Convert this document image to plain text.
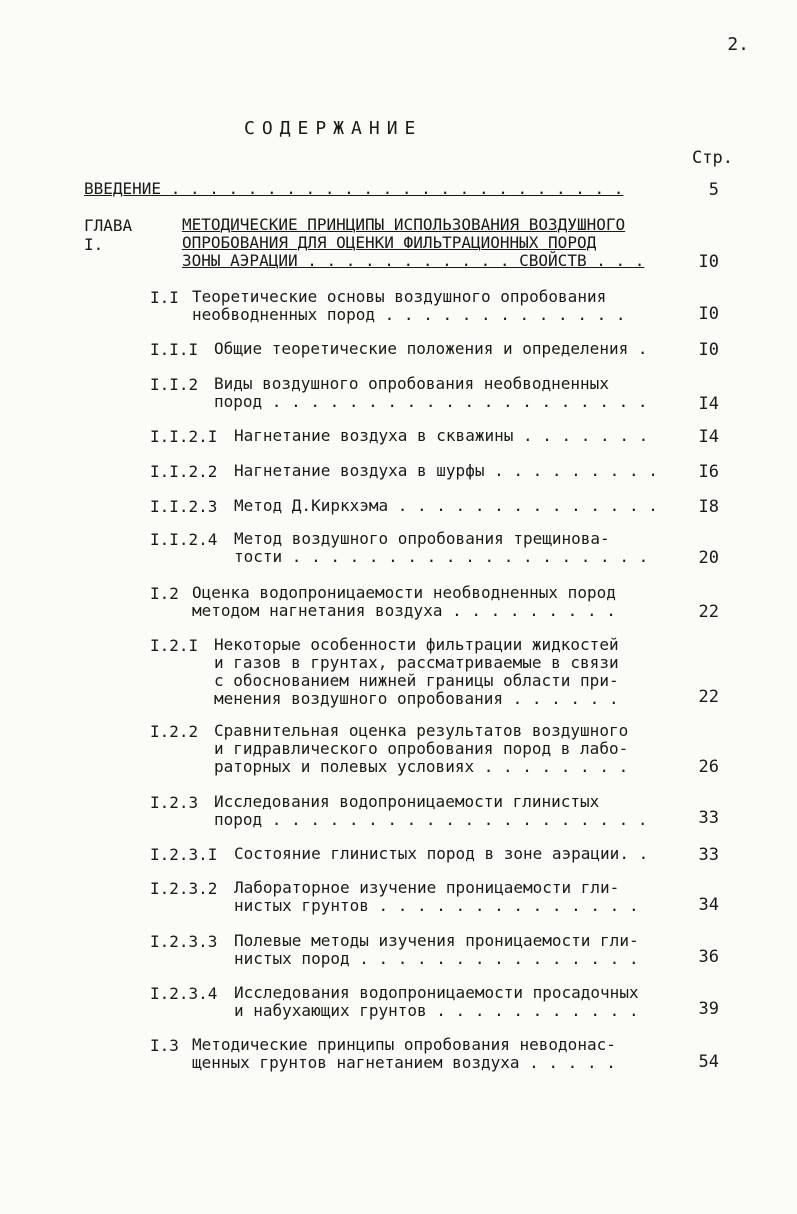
2.
СОДЕРЖАНИЕ
Стр.
ВВЕДЕНИЕ . . . . . . . . . . . . . . . . . . . . . . . .	5
ГЛАВА I.
МЕТОДИЧЕСКИЕ ПРИНЦИПЫ ИСПОЛЬЗОВАНИЯ ВОЗДУШНОГО
ОПРОБОВАНИЯ ДЛЯ ОЦЕНКИ ФИЛЬТРАЦИОННЫХ ПОРОД
ЗОНЫ АЭРАЦИИ . . . . . . . . . . . СВОЙСТВ . . .	I0
I.I Теоретические основы воздушного опробования
необводненных пород . . . . . . . . . . . . .	I0
I.I.I Общие теоретические положения и определения .	I0
I.I.2 Виды воздушного опробования необводненных
пород . . . . . . . . . . . . . . . . . . . .	I4
I.I.2.I Нагнетание воздуха в скважины . . . . . . .	I4
I.I.2.2 Нагнетание воздуха в шурфы . . . . . . . . .	I6
I.I.2.3 Метод Д.Киркхэма . . . . . . . . . . . . . .	I8
I.I.2.4 Метод воздушного опробования трещинова-
тости . . . . . . . . . . . . . . . . . . .	20
I.2 Оценка водопроницаемости необводненных пород
методом нагнетания воздуха . . . . . . . . .	22
I.2.I Некоторые особенности фильтрации жидкостей
и газов в грунтах, рассматриваемые в связи
с обоснованием нижней границы области при-
менения воздушного опробования . . . . . .	22
I.2.2 Сравнительная оценка результатов воздушного
и гидравлического опробования пород в лабо-
раторных и полевых условиях . . . . . . . .	26
I.2.3 Исследования водопроницаемости глинистых
пород . . . . . . . . . . . . . . . . . . . .	33
I.2.3.I Состояние глинистых пород в зоне аэрации. .	33
I.2.3.2 Лабораторное изучение проницаемости гли-
нистых грунтов . . . . . . . . . . . . . .	34
I.2.3.3 Полевые методы изучения проницаемости гли-
нистых пород . . . . . . . . . . . . . . .	36
I.2.3.4 Исследования водопроницаемости просадочных
и набухающих грунтов . . . . . . . . . . .	39
I.3 Методические принципы опробования неводонас-
щенных грунтов нагнетанием воздуха . . . . .	54
